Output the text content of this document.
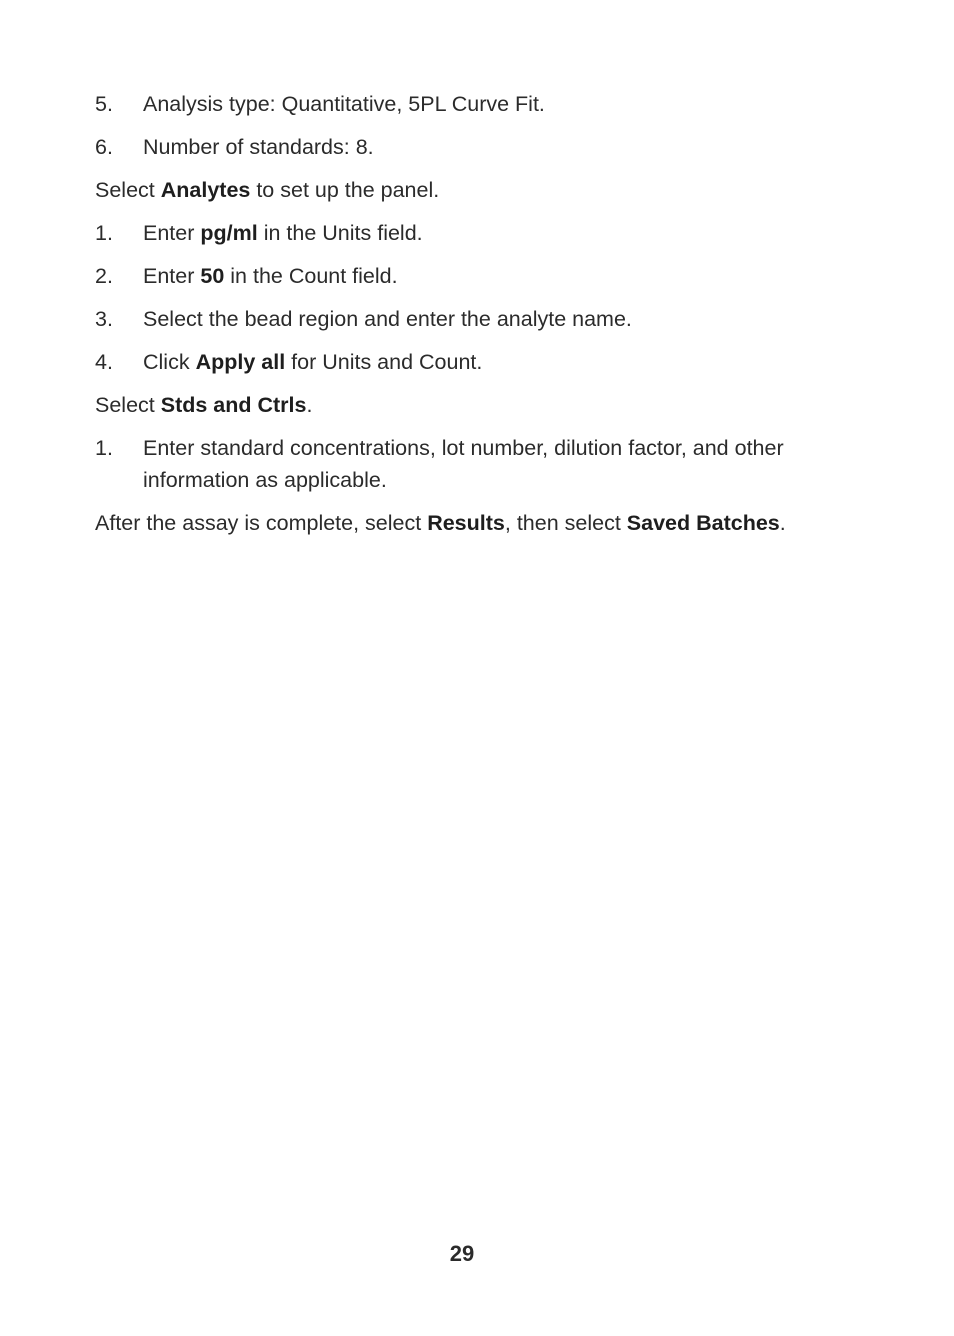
5.	Analysis type: Quantitative, 5PL Curve Fit.
6.	Number of standards: 8.
Select Analytes to set up the panel.
1.	Enter pg/ml in the Units field.
2.	Enter 50 in the Count field.
3.	Select the bead region and enter the analyte name.
4.	Click Apply all for Units and Count.
Select Stds and Ctrls.
1.	Enter standard concentrations, lot number, dilution factor, and other information as applicable.
After the assay is complete, select Results, then select Saved Batches.
29
